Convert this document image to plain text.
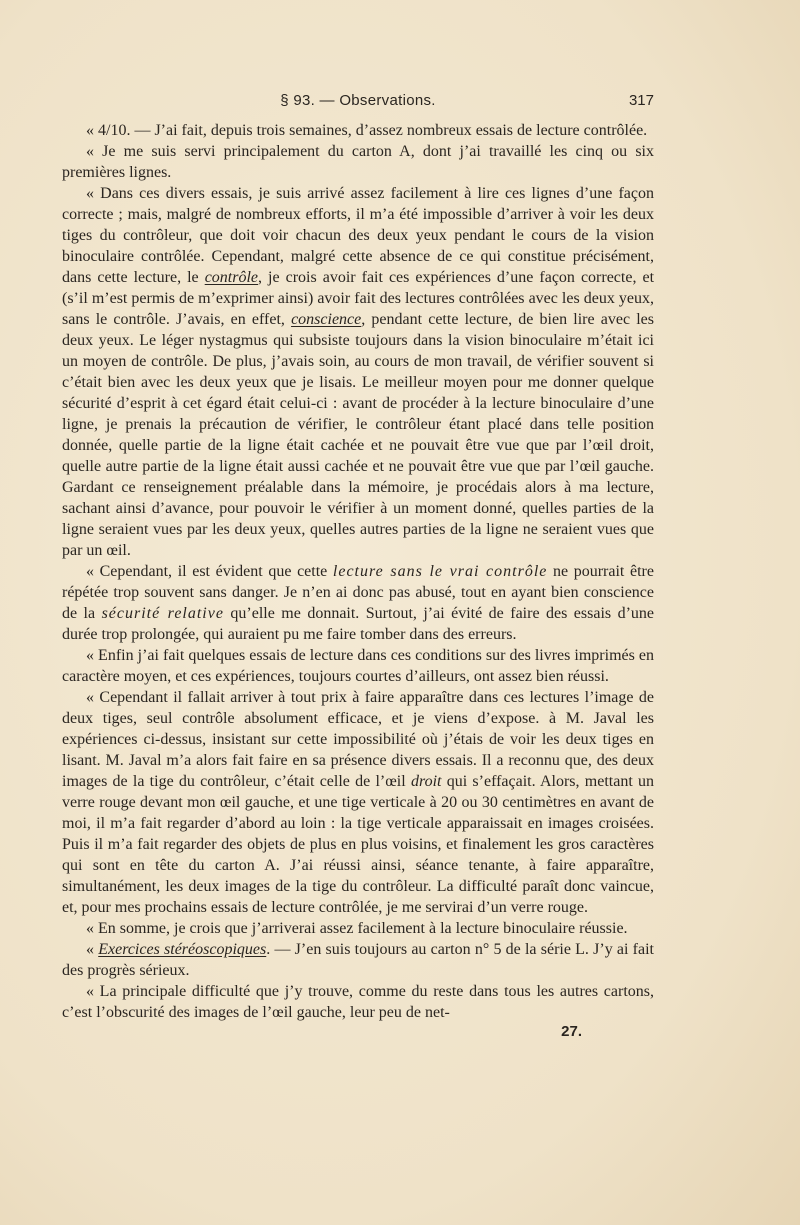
§ 93. — Observations.	317

« 4/10. — J’ai fait, depuis trois semaines, d’assez nombreux essais de lecture contrôlée.

« Je me suis servi principalement du carton A, dont j’ai travaillé les cinq ou six premières lignes.

« Dans ces divers essais, je suis arrivé assez facilement à lire ces lignes d’une façon correcte ; mais, malgré de nombreux efforts, il m’a été impossible d’arriver à voir les deux tiges du contrôleur, que doit voir chacun des deux yeux pendant le cours de la vision binoculaire contrôlée. Cependant, malgré cette absence de ce qui constitue précisément, dans cette lecture, le contrôle, je crois avoir fait ces expériences d’une façon correcte, et (s’il m’est permis de m’exprimer ainsi) avoir fait des lectures contrôlées avec les deux yeux, sans le contrôle. J’avais, en effet, conscience, pendant cette lecture, de bien lire avec les deux yeux. Le léger nystagmus qui subsiste toujours dans la vision binoculaire m’était ici un moyen de contrôle. De plus, j’avais soin, au cours de mon travail, de vérifier souvent si c’était bien avec les deux yeux que je lisais. Le meilleur moyen pour me donner quelque sécurité d’esprit à cet égard était celui-ci : avant de procéder à la lecture binoculaire d’une ligne, je prenais la précaution de vérifier, le contrôleur étant placé dans telle position donnée, quelle partie de la ligne était cachée et ne pouvait être vue que par l’œil droit, quelle autre partie de la ligne était aussi cachée et ne pouvait être vue que par l’œil gauche. Gardant ce renseignement préalable dans la mémoire, je procédais alors à ma lecture, sachant ainsi d’avance, pour pouvoir le vérifier à un moment donné, quelles parties de la ligne seraient vues par les deux yeux, quelles autres parties de la ligne ne seraient vues que par un œil.

« Cependant, il est évident que cette lecture sans le vrai contrôle ne pourrait être répétée trop souvent sans danger. Je n’en ai donc pas abusé, tout en ayant bien conscience de la sécurité relative qu’elle me donnait. Surtout, j’ai évité de faire des essais d’une durée trop prolongée, qui auraient pu me faire tomber dans des erreurs.

« Enfin j’ai fait quelques essais de lecture dans ces conditions sur des livres imprimés en caractère moyen, et ces expériences, toujours courtes d’ailleurs, ont assez bien réussi.

« Cependant il fallait arriver à tout prix à faire apparaître dans ces lectures l’image de deux tiges, seul contrôle absolument efficace, et je viens d’expose. à M. Javal les expériences ci-dessus, insistant sur cette impossibilité où j’étais de voir les deux tiges en lisant. M. Javal m’a alors fait faire en sa présence divers essais. Il a reconnu que, des deux images de la tige du contrôleur, c’était celle de l’œil droit qui s’effaçait. Alors, mettant un verre rouge devant mon œil gauche, et une tige verticale à 20 ou 30 centimètres en avant de moi, il m’a fait regarder d’abord au loin : la tige verticale apparaissait en images croisées. Puis il m’a fait regarder des objets de plus en plus voisins, et finalement les gros caractères qui sont en tête du carton A. J’ai réussi ainsi, séance tenante, à faire apparaître, simultanément, les deux images de la tige du contrôleur. La difficulté paraît donc vaincue, et, pour mes prochains essais de lecture contrôlée, je me servirai d’un verre rouge.

« En somme, je crois que j’arriverai assez facilement à la lecture binoculaire réussie.

« Exercices stéréoscopiques. — J’en suis toujours au carton n° 5 de la série L. J’y ai fait des progrès sérieux.

« La principale difficulté que j’y trouve, comme du reste dans tous les autres cartons, c’est l’obscurité des images de l’œil gauche, leur peu de net-

27.
